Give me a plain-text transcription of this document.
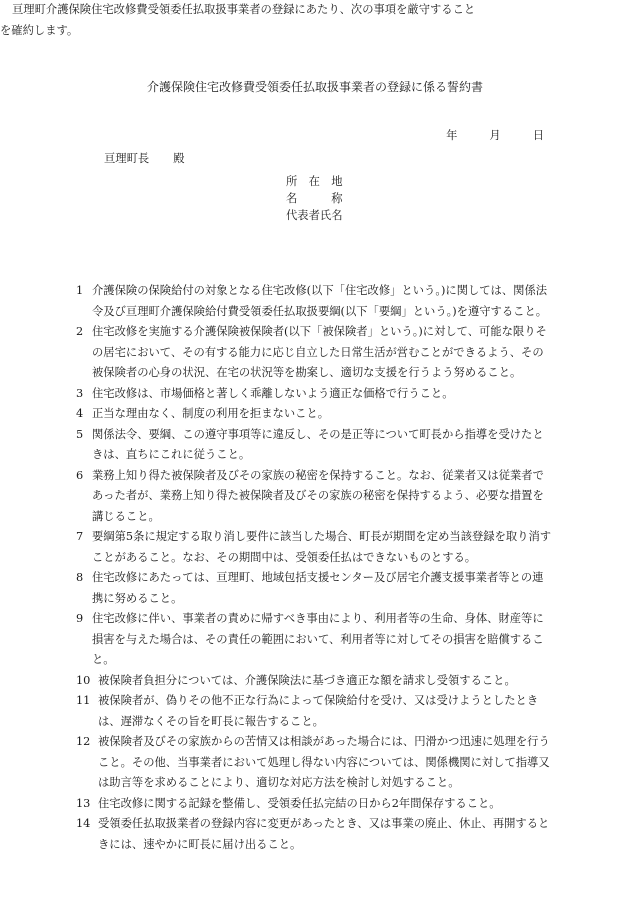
介護保険住宅改修費受領委任払取扱事業者の登録に係る誓約書
年	月	日
亘理町長 殿
所　在　地
名　　　称
代表者氏名
亘理町介護保険住宅改修費受領委任払取扱事業者の登録にあたり、次の事項を厳守することを確約します。
1 介護保険の保険給付の対象となる住宅改修(以下「住宅改修」という。)に関しては、関係法令及び亘理町介護保険給付費受領委任払取扱要綱(以下「要綱」という。)を遵守すること。
2 住宅改修を実施する介護保険被保険者(以下「被保険者」という。)に対して、可能な限りその居宅において、その有する能力に応じ自立した日常生活が営むことができるよう、その被保険者の心身の状況、在宅の状況等を勘案し、適切な支援を行うよう努めること。
3 住宅改修は、市場価格と著しく乖離しないよう適正な価格で行うこと。
4 正当な理由なく、制度の利用を拒まないこと。
5 関係法令、要綱、この遵守事項等に違反し、その是正等について町長から指導を受けたときは、直ちにこれに従うこと。
6 業務上知り得た被保険者及びその家族の秘密を保持すること。なお、従業者又は従業者であった者が、業務上知り得た被保険者及びその家族の秘密を保持するよう、必要な措置を講じること。
7 要綱第5条に規定する取り消し要件に該当した場合、町長が期間を定め当該登録を取り消すことがあること。なお、その期間中は、受領委任払はできないものとする。
8 住宅改修にあたっては、亘理町、地域包括支援センター及び居宅介護支援事業者等との連携に努めること。
9 住宅改修に伴い、事業者の責めに帰すべき事由により、利用者等の生命、身体、財産等に損害を与えた場合は、その責任の範囲において、利用者等に対してその損害を賠償すること。
10 被保険者負担分については、介護保険法に基づき適正な額を請求し受領すること。
11 被保険者が、偽りその他不正な行為によって保険給付を受け、又は受けようとしたときは、遅滞なくその旨を町長に報告すること。
12 被保険者及びその家族からの苦情又は相談があった場合には、円滑かつ迅速に処理を行うこと。その他、当事業者において処理し得ない内容については、関係機関に対して指導又は助言等を求めることにより、適切な対応方法を検討し対処すること。
13 住宅改修に関する記録を整備し、受領委任払完結の日から2年間保存すること。
14 受領委任払取扱業者の登録内容に変更があったとき、又は事業の廃止、休止、再開するときには、速やかに町長に届け出ること。
